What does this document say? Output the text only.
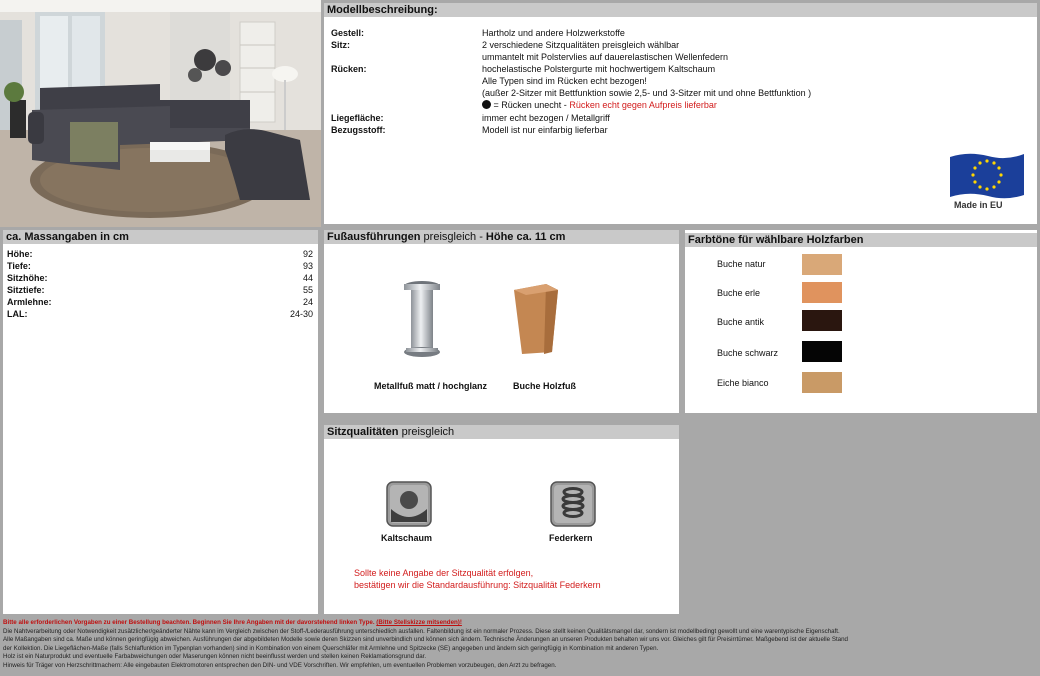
Modellbeschreibung:
Gestell:	Hartholz und andere Holzwerkstoffe
Sitz:	2 verschiedene Sitzqualitäten preisgleich wählbar
ummantelt mit Polstervlies auf dauerelastischen Wellenfedern
Rücken:	hochelastische Polstergurte mit hochwertigem Kaltschaum
Alle Typen sind im Rücken echt bezogen!
(außer 2-Sitzer mit Bettfunktion sowie 2,5- und 3-Sitzer mit und ohne Bettfunktion )
= Rücken unecht - Rücken echt gegen Aufpreis lieferbar
Liegefläche:	immer echt bezogen / Metallgriff
Bezugsstoff:	Modell ist nur einfarbig lieferbar
Made in EU
ca. Massangaben in cm
Höhe:	92
Tiefe:	93
Sitzhöhe:	44
Sitztiefe:	55
Armlehne:	24
LAL:	24-30
Fußausführungen preisgleich - Höhe ca. 11 cm
Metallfuß matt / hochglanz	Buche Holzfuß
Farbtöne für wählbare Holzfarben
Buche natur
Buche erle
Buche antik
Buche schwarz
Eiche bianco
Sitzqualitäten preisgleich
Kaltschaum	Federkern
Sollte keine Angabe der Sitzqualität erfolgen,
bestätigen wir die Standardausführung: Sitzqualität Federkern
Bitte alle erforderlichen Vorgaben zu einer Bestellung beachten. Beginnen Sie Ihre Angaben mit der davorstehend linken Type. (Bitte Stellskizze mitsenden)!
Die Nahtverarbeitung oder Notwendigkeit zusätzlicher/geänderter Nähte kann im Vergleich zwischen der Stoff-/Lederausführung unterschiedlich ausfallen. Faltenbildung ist ein normaler Prozess. Diese stellt keinen Qualitätsmangel dar, sondern ist modellbedingt gewollt und eine warentypische Eigenschaft.
Alle Maßangaben sind ca. Maße und können geringfügig abweichen. Ausführungen der abgebildeten Modelle sowie deren Skizzen sind unverbindlich und können sich ändern. Technische Änderungen an unseren Produkten behalten wir uns vor. Gleiches gilt für Preisirrtümer. Maßgebend ist der aktuelle Stand
der Kollektion. Die Liegeflächen-Maße (falls Schlaffunktion im Typenplan vorhanden) sind in Kombination von einem Querschläfer mit Armlehne und Spitzecke (SE) angegeben und ändern sich geringfügig in Kombination mit anderen Typen.
Holz ist ein Naturprodukt und eventuelle Farbabweichungen oder Maserungen können nicht beeinflusst werden und stellen keinen Reklamationsgrund dar.
Hinweis für Träger von Herzschrittmachern: Alle eingebauten Elektromotoren entsprechen den DIN- und VDE Vorschriften. Wir empfehlen, um eventuellen Problemen vorzubeugen, den Arzt zu befragen.
